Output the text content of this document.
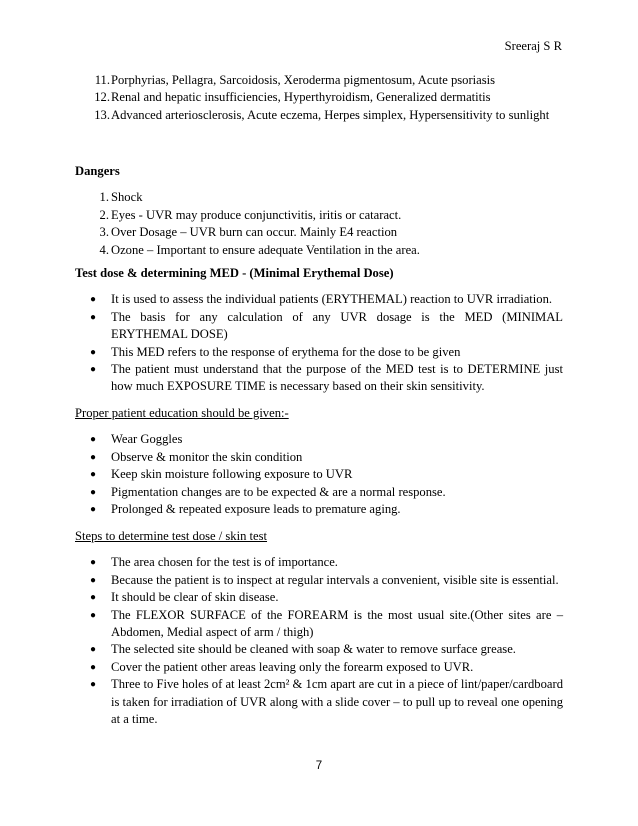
Sreeraj S R
11. Porphyrias, Pellagra, Sarcoidosis, Xeroderma pigmentosum, Acute psoriasis
12. Renal and hepatic insufficiencies, Hyperthyroidism, Generalized dermatitis
13. Advanced arteriosclerosis, Acute eczema, Herpes simplex, Hypersensitivity to sunlight
Dangers
1. Shock
2. Eyes - UVR may produce conjunctivitis, iritis or cataract.
3. Over Dosage – UVR burn can occur. Mainly E4 reaction
4. Ozone – Important to ensure adequate Ventilation in the area.
Test dose & determining MED - (Minimal Erythemal Dose)
● It is used to assess the individual patients (ERYTHEMAL) reaction to UVR irradiation.
● The basis for any calculation of any UVR dosage is the MED (MINIMAL ERYTHEMAL DOSE)
● This MED refers to the response of erythema for the dose to be given
● The patient must understand that the purpose of the MED test is to DETERMINE just how much EXPOSURE TIME is necessary based on their skin sensitivity.
Proper patient education should be given:-
● Wear Goggles
● Observe & monitor the skin condition
● Keep skin moisture following exposure to UVR
● Pigmentation changes are to be expected & are a normal response.
● Prolonged & repeated exposure leads to premature aging.
Steps to determine test dose / skin test
● The area chosen for the test is of importance.
● Because the patient is to inspect at regular intervals a convenient, visible site is essential.
● It should be clear of skin disease.
● The FLEXOR SURFACE of the FOREARM is the most usual site.(Other sites are – Abdomen, Medial aspect of arm / thigh)
● The selected site should be cleaned with soap & water to remove surface grease.
● Cover the patient other areas leaving only the forearm exposed to UVR.
● Three to Five holes of at least 2cm² & 1cm apart are cut in a piece of lint/paper/cardboard is taken for irradiation of UVR along with a slide cover – to pull up to reveal one opening at a time.
7
